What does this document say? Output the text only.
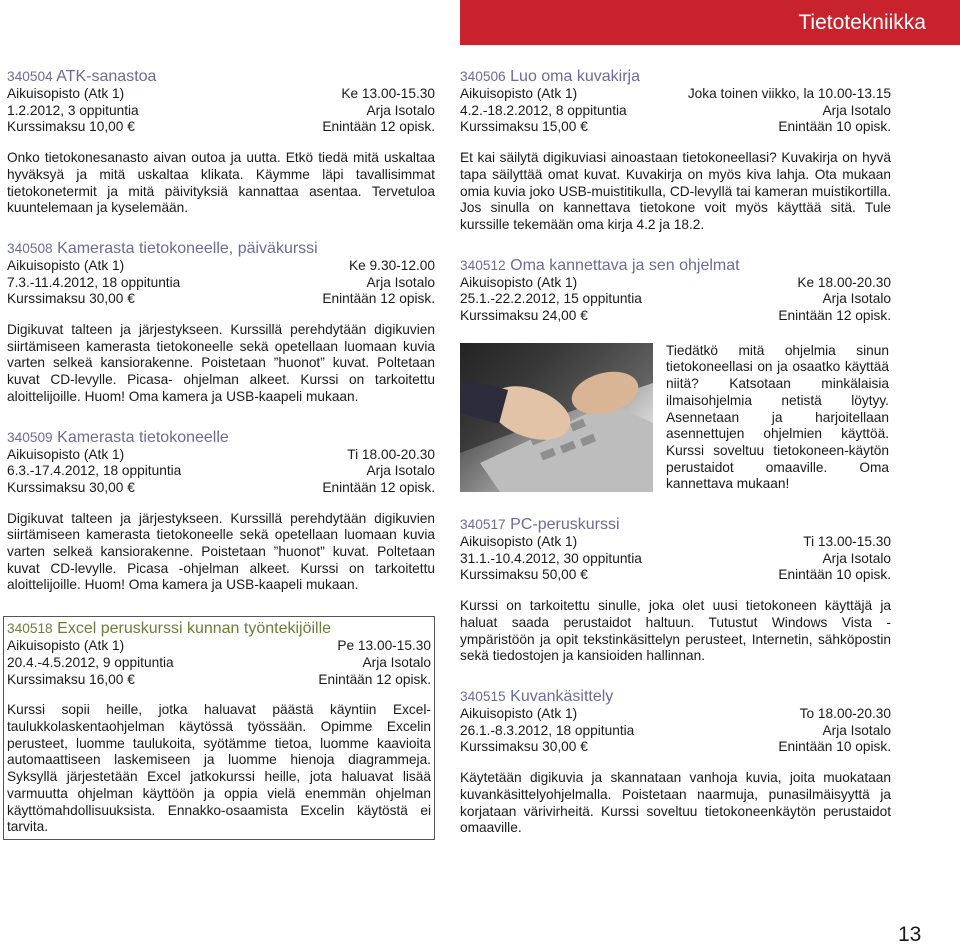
Tietotekniikka
340504 ATK-sanastoa
Aikuisopisto (Atk 1)	Ke 13.00-15.30
1.2.2012, 3 oppituntia	Arja Isotalo
Kurssimaksu 10,00 €	Enintään 12 opisk.

Onko tietokonesanasto aivan outoa ja uutta. Etkö tiedä mitä uskaltaa hyväksyä ja mitä uskaltaa klikata. Käymme läpi tavallisimmat tietokonetermit ja mitä päivityksiä kannattaa asentaa. Tervetuloa kuuntelemaan ja kyselemään.

340508 Kamerasta tietokoneelle, päiväkurssi
Aikuisopisto (Atk 1)	Ke 9.30-12.00
7.3.-11.4.2012, 18 oppituntia	Arja Isotalo
Kurssimaksu 30,00 €	Enintään 12 opisk.

Digikuvat talteen ja järjestykseen. Kurssillä perehdytään digikuvien siirtämiseen kamerasta tietokoneelle sekä opetellaan luomaan kuvia varten selkeä kansiorakenne. Poistetaan ”huonot” kuvat. Poltetaan kuvat CD-levylle. Picasa- ohjelman alkeet. Kurssi on tarkoitettu aloittelijoille. Huom! Oma kamera ja USB-kaapeli mukaan.

340509 Kamerasta tietokoneelle
Aikuisopisto (Atk 1)	Ti 18.00-20.30
6.3.-17.4.2012, 18 oppituntia	Arja Isotalo
Kurssimaksu 30,00 €	Enintään 12 opisk.

Digikuvat talteen ja järjestykseen. Kurssillä perehdytään digikuvien siirtämiseen kamerasta tietokoneelle sekä opetellaan luomaan kuvia varten selkeä kansiorakenne. Poistetaan ”huonot” kuvat. Poltetaan kuvat CD-levylle. Picasa -ohjelman alkeet. Kurssi on tarkoitettu aloittelijoille. Huom! Oma kamera ja USB-kaapeli mukaan.

340518 Excel peruskurssi kunnan työntekijöille
Aikuisopisto (Atk 1)	Pe 13.00-15.30
20.4.-4.5.2012, 9 oppituntia	Arja Isotalo
Kurssimaksu 16,00 €	Enintään 12 opisk.

Kurssi sopii heille, jotka haluavat päästä käyntiin Excel-taulukkolaskentaohjelman käytössä työssään. Opimme Excelin perusteet, luomme taulukoita, syötämme tietoa, luomme kaavioita automaattiseen laskemiseen ja luomme hienoja diagrammeja. Syksyllä järjestetään Excel jatkokurssi heille, jota haluavat lisää varmuutta ohjelman käyttöön ja oppia vielä enemmän ohjelman käyttömahdollisuuksista. Ennakko-osaamista Excelin käytöstä ei tarvita.

340506 Luo oma kuvakirja
Aikuisopisto (Atk 1)	Joka toinen viikko, la 10.00-13.15
4.2.-18.2.2012, 8 oppituntia	Arja Isotalo
Kurssimaksu 15,00 €	Enintään 10 opisk.

Et kai säilytä digikuviasi ainoastaan tietokoneellasi? Kuvakirja on hyvä tapa säilyttää omat kuvat. Kuvakirja on myös kiva lahja. Ota mukaan omia kuvia joko USB-muistitikulla, CD-levyllä tai kameran muistikortilla. Jos sinulla on kannettava tietokone voit myös käyttää sitä. Tule kurssille tekemään oma kirja 4.2 ja 18.2.

340512 Oma kannettava ja sen ohjelmat
Aikuisopisto (Atk 1)	Ke 18.00-20.30
25.1.-22.2.2012, 15 oppituntia	Arja Isotalo
Kurssimaksu 24,00 €	Enintään 12 opisk.

Tiedätkö mitä ohjelmia sinun tietokoneellasi on ja osaatko käyttää niitä? Katsotaan minkälaisia ilmaisohjelmia netistä löytyy. Asennetaan ja harjoitellaan asennettujen ohjelmien käyttöä. Kurssi soveltuu tietokoneen-käytön perustaidot omaaville. Oma kannettava mukaan!

340517 PC-peruskurssi
Aikuisopisto (Atk 1)	Ti 13.00-15.30
31.1.-10.4.2012, 30 oppituntia	Arja Isotalo
Kurssimaksu 50,00 €	Enintään 10 opisk.

Kurssi on tarkoitettu sinulle, joka olet uusi tietokoneen käyttäjä ja haluat saada perustaidot haltuun. Tutustut Windows Vista -ympäristöön ja opit tekstinkäsittelyn perusteet, Internetin, sähköpostin sekä tiedostojen ja kansioiden hallinnan.

340515 Kuvankäsittely
Aikuisopisto (Atk 1)	To 18.00-20.30
26.1.-8.3.2012, 18 oppituntia	Arja Isotalo
Kurssimaksu 30,00 €	Enintään 10 opisk.

Käytetään digikuvia ja skannataan vanhoja kuvia, joita muokataan kuvankäsittelyohjelmalla. Poistetaan naarmuja, punasilmäisyyttä ja korjataan värivirheitä. Kurssi soveltuu tietokoneenkäytön perustaidot omaaville.

13
